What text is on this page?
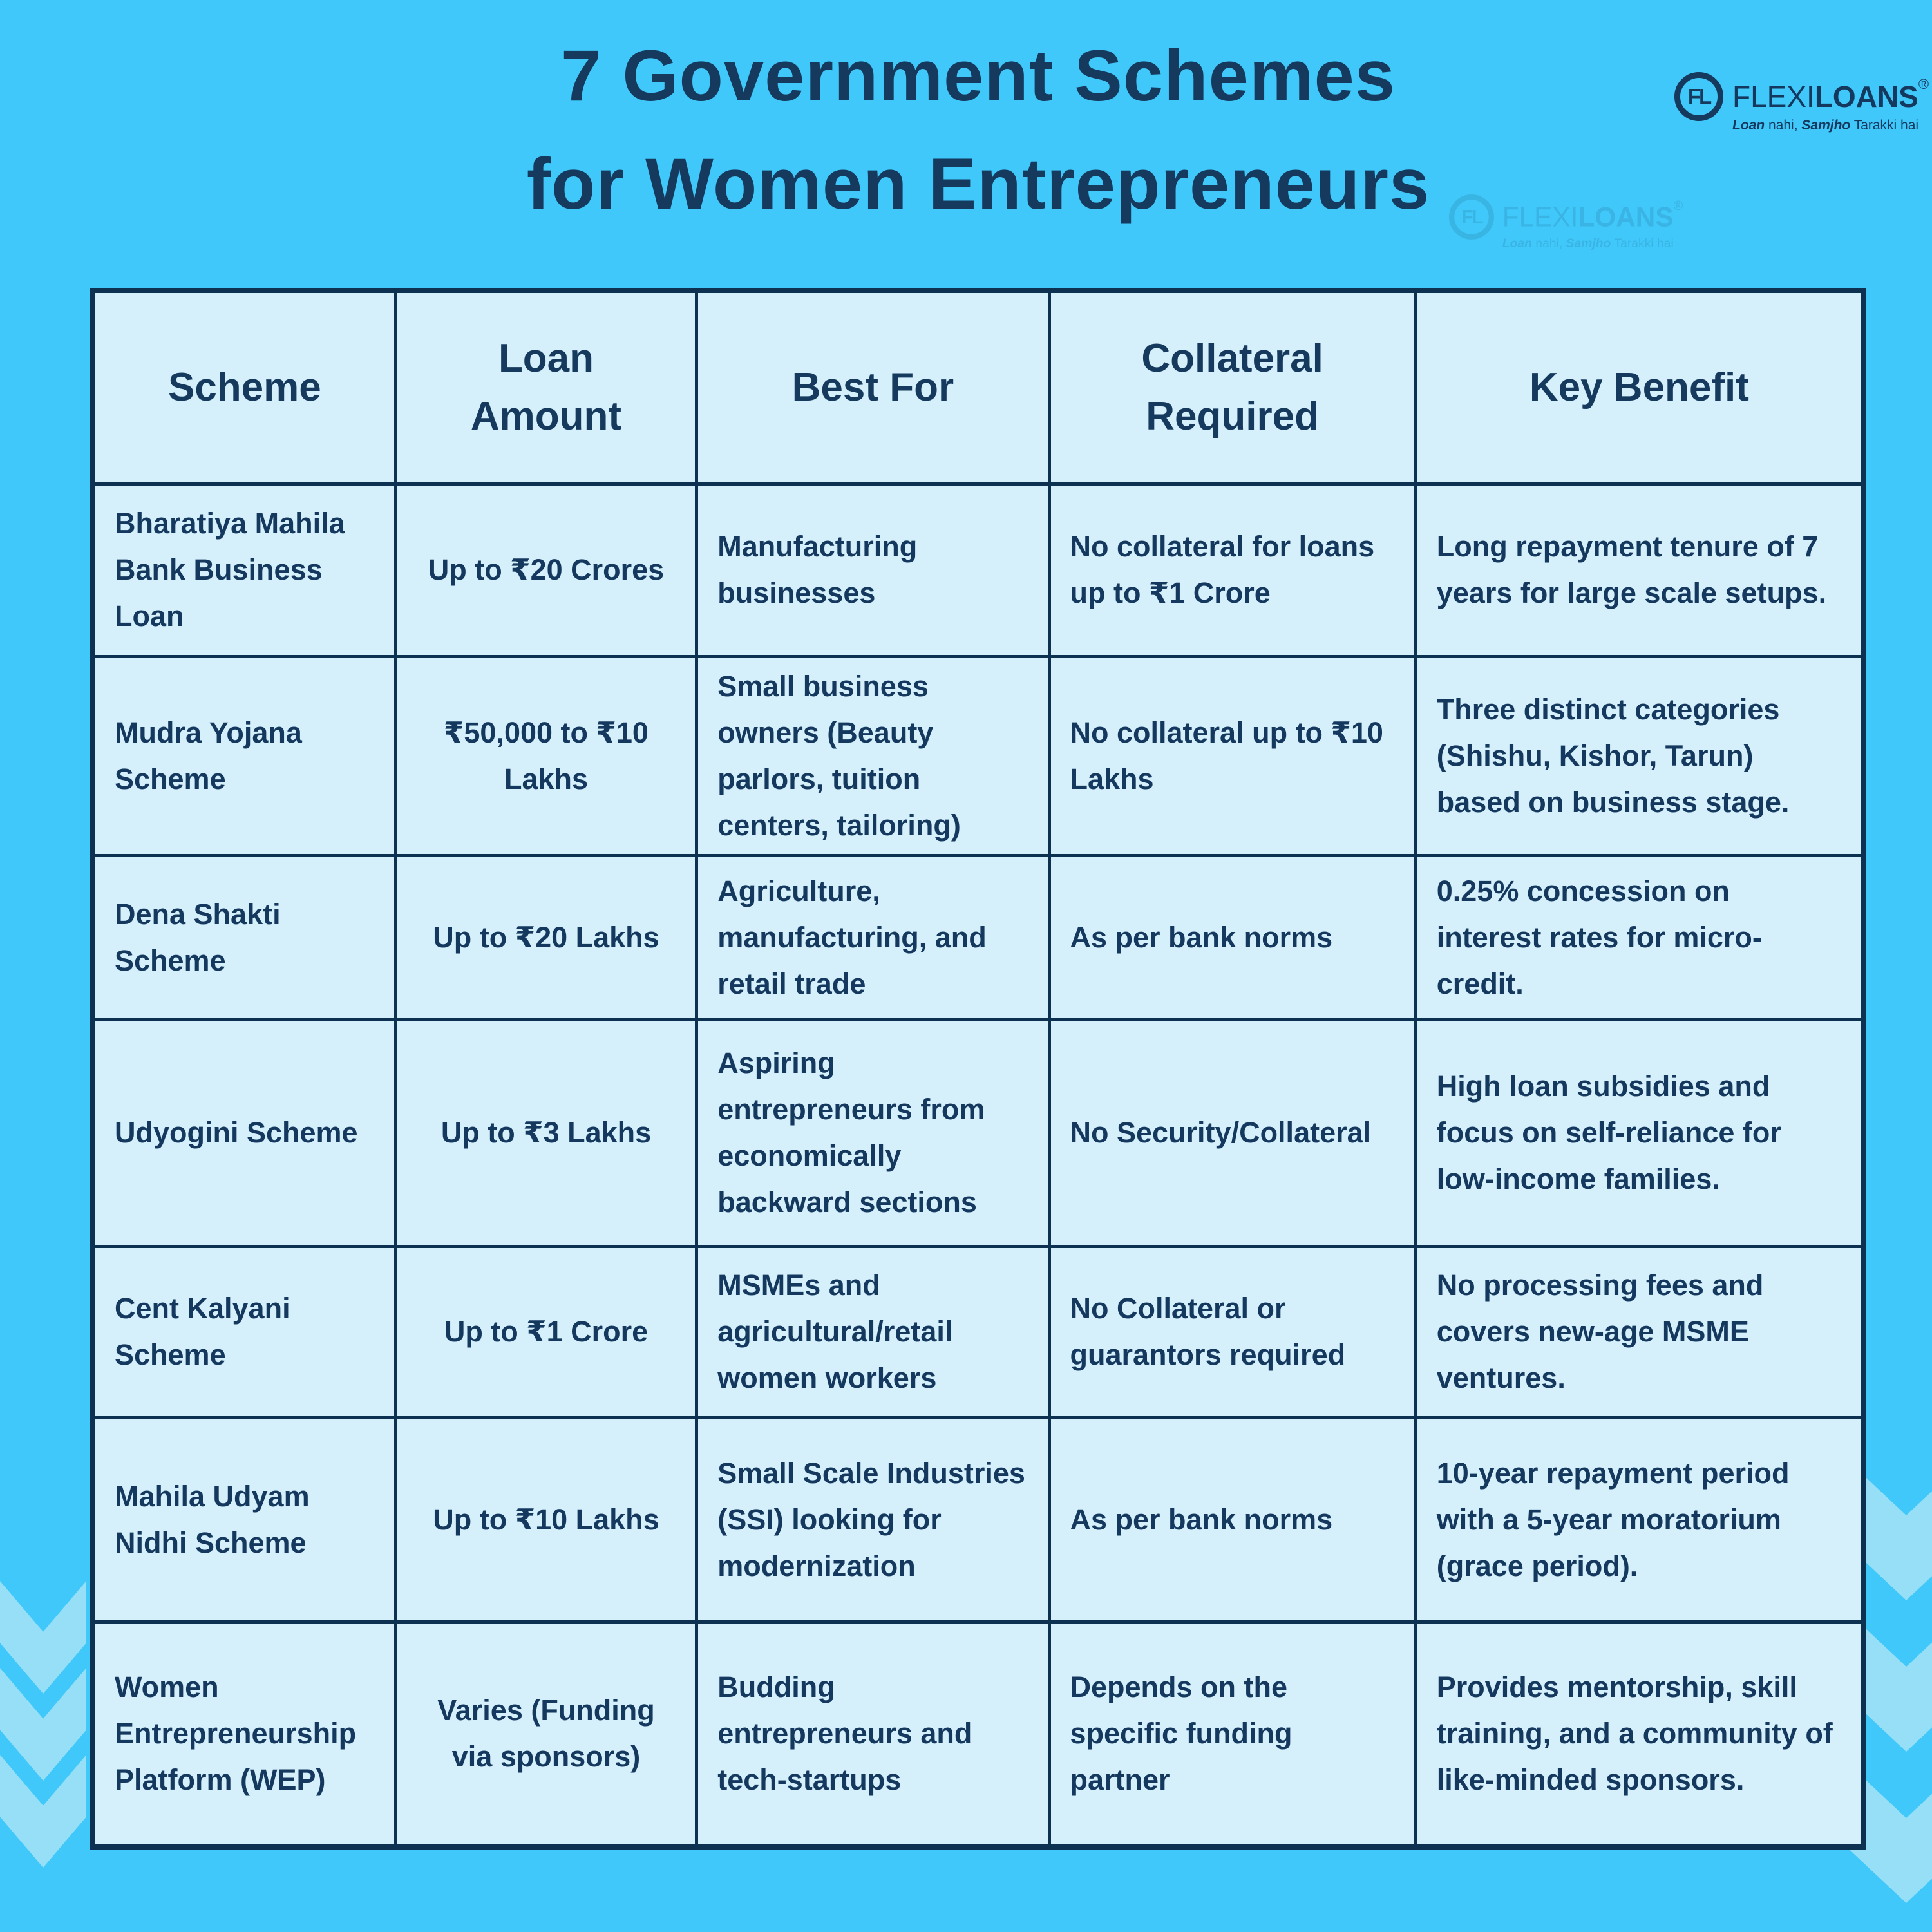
7 Government Schemes
for Women Entrepreneurs
FL FLEXILOANS®
Loan nahi, Samjho Tarakki hai
FL FLEXILOANS®
Loan nahi, Samjho Tarakki hai
Scheme	Loan Amount	Best For	Collateral Required	Key Benefit
Bharatiya Mahila Bank Business Loan	Up to ₹20 Crores	Manufacturing businesses	No collateral for loans up to ₹1 Crore	Long repayment tenure of 7 years for large scale setups.
Mudra Yojana Scheme	₹50,000 to ₹10 Lakhs	Small business owners (Beauty parlors, tuition centers, tailoring)	No collateral up to ₹10 Lakhs	Three distinct categories (Shishu, Kishor, Tarun) based on business stage.
Dena Shakti Scheme	Up to ₹20 Lakhs	Agriculture, manufacturing, and retail trade	As per bank norms	0.25% concession on interest rates for micro-credit.
Udyogini Scheme	Up to ₹3 Lakhs	Aspiring entrepreneurs from economically backward sections	No Security/Collateral	High loan subsidies and focus on self-reliance for low-income families.
Cent Kalyani Scheme	Up to ₹1 Crore	MSMEs and agricultural/retail women workers	No Collateral or guarantors required	No processing fees and covers new-age MSME ventures.
Mahila Udyam Nidhi Scheme	Up to ₹10 Lakhs	Small Scale Industries (SSI) looking for modernization	As per bank norms	10-year repayment period with a 5-year moratorium (grace period).
Women Entrepreneurship Platform (WEP)	Varies (Funding via sponsors)	Budding entrepreneurs and tech-startups	Depends on the specific funding partner	Provides mentorship, skill training, and a community of like-minded sponsors.
